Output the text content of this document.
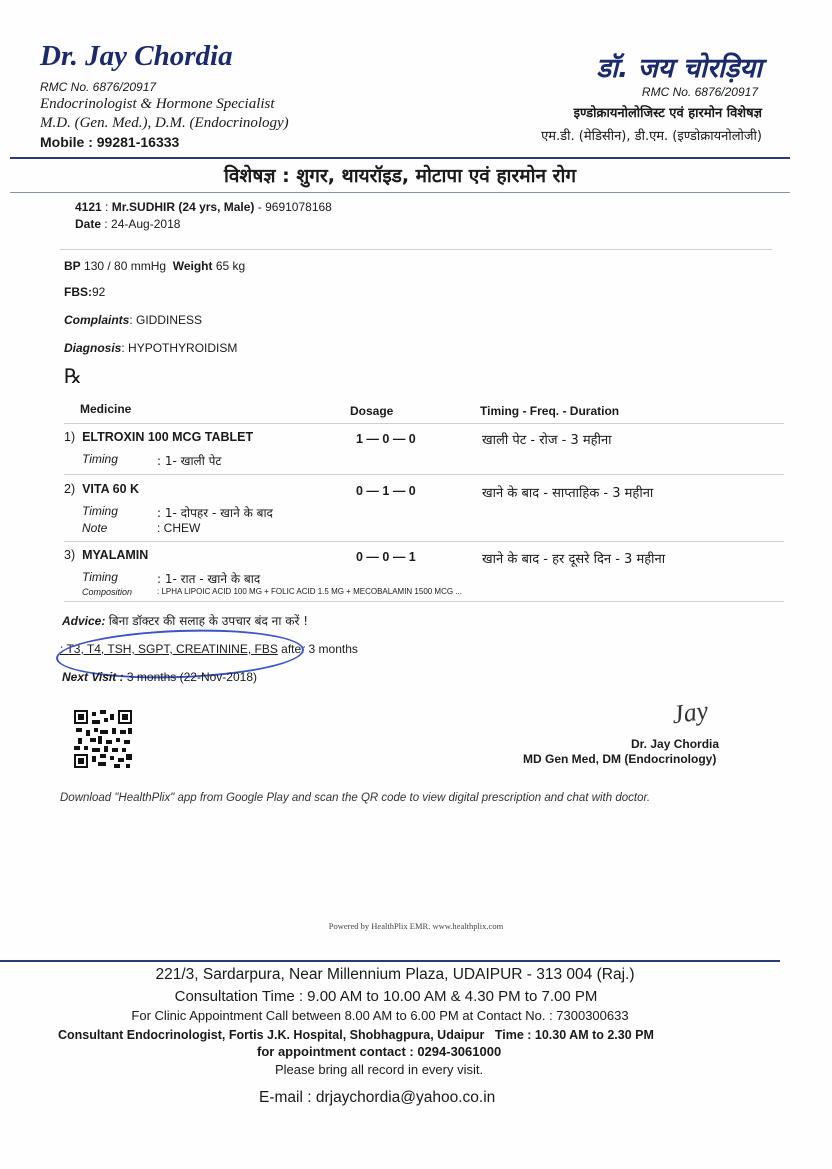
Dr. Jay Chordia
RMC No. 6876/20917
Endocrinologist & Hormone Specialist
M.D. (Gen. Med.), D.M. (Endocrinology)
Mobile : 99281-16333
डॉ. जय चोरड़िया
RMC No. 6876/20917
इण्डोक्रायनोलोजिस्ट एवं हारमोन विशेषज्ञ
एम.डी. (मेडिसीन), डी.एम. (इण्डोक्रायनोलोजी)
विशेषज्ञ : शुगर, थायरॉइड, मोटापा एवं हारमोन रोग
4121 : Mr.SUDHIR (24 yrs, Male) - 9691078168
Date : 24-Aug-2018
BP 130 / 80 mmHg Weight 65 kg
FBS:92
Complaints: GIDDINESS
Diagnosis: HYPOTHYROIDISM
℞
Medicine	Dosage	Timing - Freq. - Duration
1) ELTROXIN 100 MCG TABLET	1 — 0 — 0	खाली पेट - रोज - 3 महीना
Timing	: 1- खाली पेट
2) VITA 60 K	0 — 1 — 0	खाने के बाद - साप्ताहिक - 3 महीना
Timing	: 1- दोपहर - खाने के बाद
Note	: CHEW
3) MYALAMIN	0 — 0 — 1	खाने के बाद - हर दूसरे दिन - 3 महीना
Timing	: 1- रात - खाने के बाद
Composition	: LPHA LIPOIC ACID 100 MG + FOLIC ACID 1.5 MG + MECOBALAMIN 1500 MCG ...
Advice: बिना डॉक्टर की सलाह के उपचार बंद ना करें !
: T3, T4, TSH, SGPT, CREATININE, FBS after 3 months
Next Visit : 3 months (22-Nov-2018)
Jay
Dr. Jay Chordia
MD Gen Med, DM (Endocrinology)
Download "HealthPlix" app from Google Play and scan the QR code to view digital prescription and chat with doctor.
Powered by HealthPlix EMR. www.healthplix.com
221/3, Sardarpura, Near Millennium Plaza, UDAIPUR - 313 004 (Raj.)
Consultation Time : 9.00 AM to 10.00 AM & 4.30 PM to 7.00 PM
For Clinic Appointment Call between 8.00 AM to 6.00 PM at Contact No. : 7300300633
Consultant Endocrinologist, Fortis J.K. Hospital, Shobhagpura, Udaipur Time : 10.30 AM to 2.30 PM
for appointment contact : 0294-3061000
Please bring all record in every visit.
E-mail : drjaychordia@yahoo.co.in
